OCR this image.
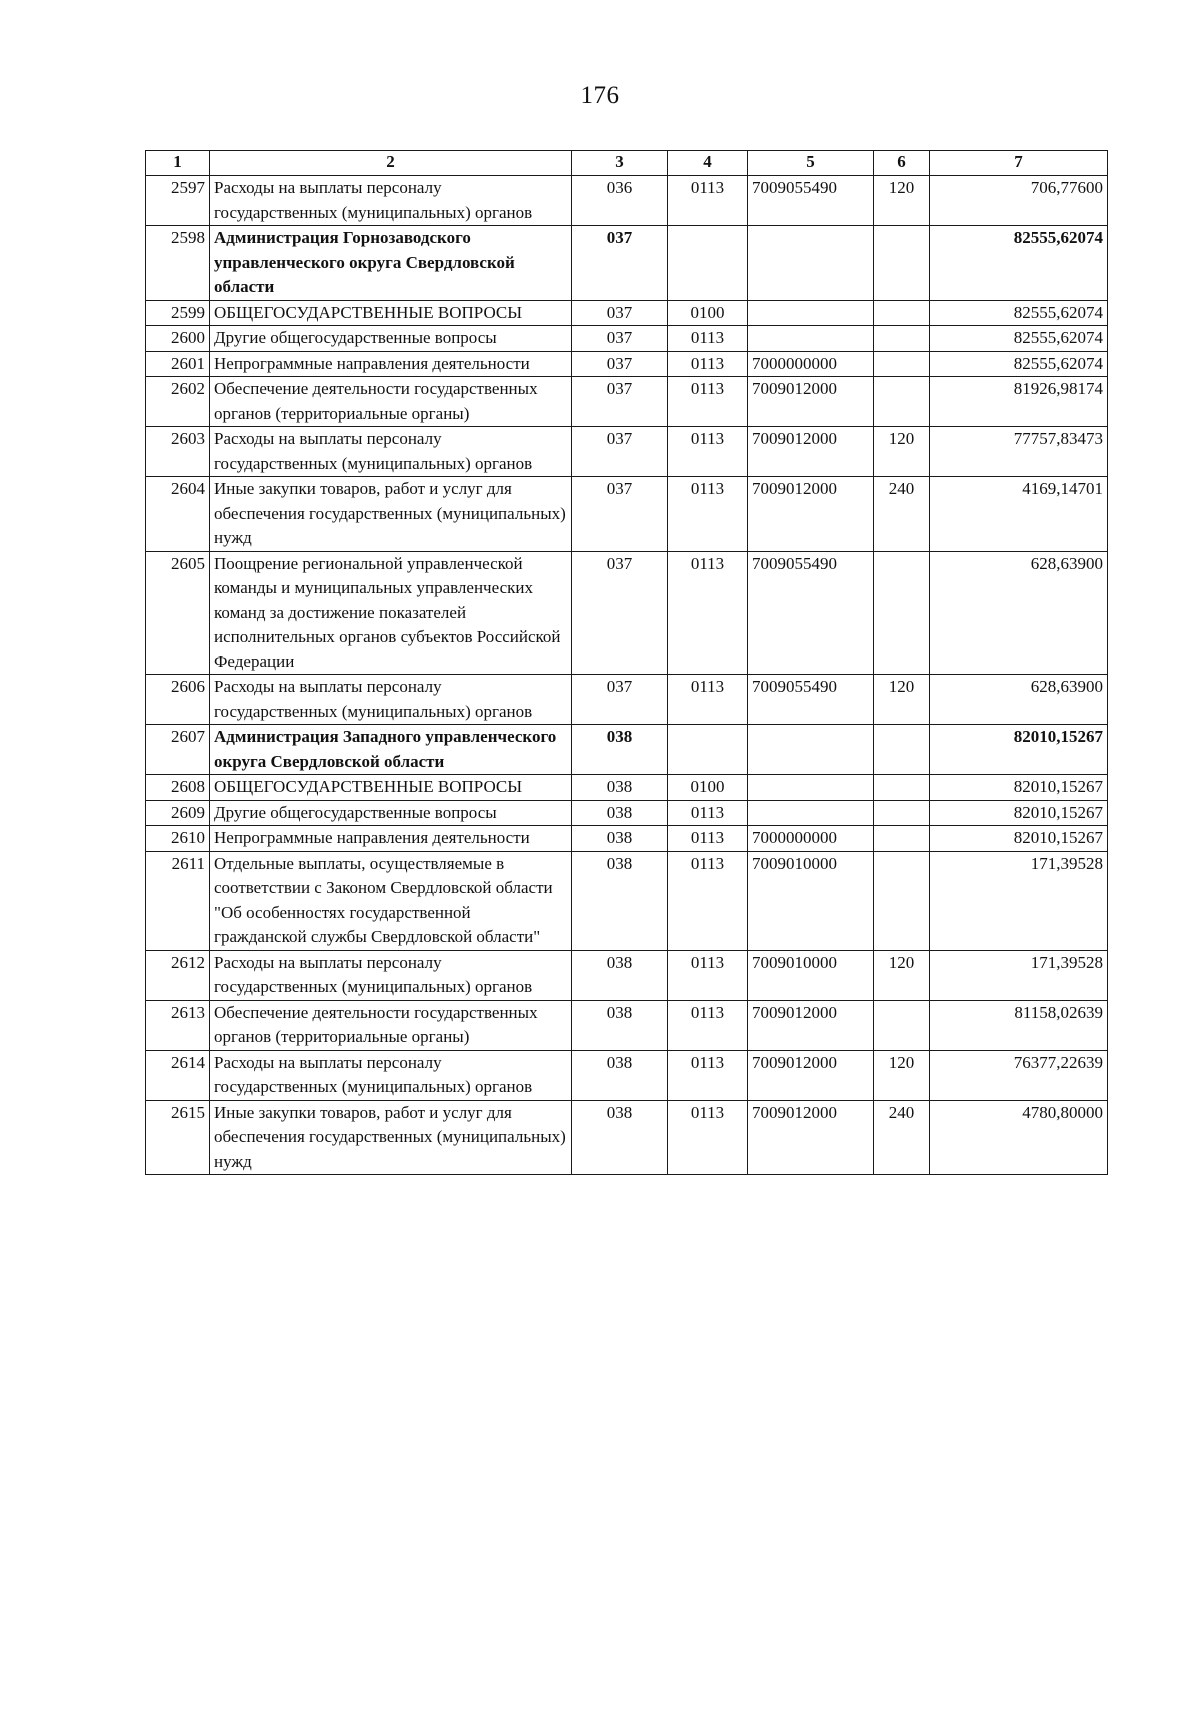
176
1	2	3	4	5	6	7
2597	Расходы на выплаты персоналу государственных (муниципальных) органов	036	0113	7009055490	120	706,77600
2598	Администрация Горнозаводского управленческого округа Свердловской области	037				82555,62074
2599	ОБЩЕГОСУДАРСТВЕННЫЕ ВОПРОСЫ	037	0100			82555,62074
2600	Другие общегосударственные вопросы	037	0113			82555,62074
2601	Непрограммные направления деятельности	037	0113	7000000000		82555,62074
2602	Обеспечение деятельности государственных органов (территориальные органы)	037	0113	7009012000		81926,98174
2603	Расходы на выплаты персоналу государственных (муниципальных) органов	037	0113	7009012000	120	77757,83473
2604	Иные закупки товаров, работ и услуг для обеспечения государственных (муниципальных) нужд	037	0113	7009012000	240	4169,14701
2605	Поощрение региональной управленческой команды и муниципальных управленческих команд за достижение показателей исполнительных органов субъектов Российской Федерации	037	0113	7009055490		628,63900
2606	Расходы на выплаты персоналу государственных (муниципальных) органов	037	0113	7009055490	120	628,63900
2607	Администрация Западного управленческого округа Свердловской области	038				82010,15267
2608	ОБЩЕГОСУДАРСТВЕННЫЕ ВОПРОСЫ	038	0100			82010,15267
2609	Другие общегосударственные вопросы	038	0113			82010,15267
2610	Непрограммные направления деятельности	038	0113	7000000000		82010,15267
2611	Отдельные выплаты, осуществляемые в соответствии с Законом Свердловской области "Об особенностях государственной гражданской службы Свердловской области"	038	0113	7009010000		171,39528
2612	Расходы на выплаты персоналу государственных (муниципальных) органов	038	0113	7009010000	120	171,39528
2613	Обеспечение деятельности государственных органов (территориальные органы)	038	0113	7009012000		81158,02639
2614	Расходы на выплаты персоналу государственных (муниципальных) органов	038	0113	7009012000	120	76377,22639
2615	Иные закупки товаров, работ и услуг для обеспечения государственных (муниципальных) нужд	038	0113	7009012000	240	4780,80000
